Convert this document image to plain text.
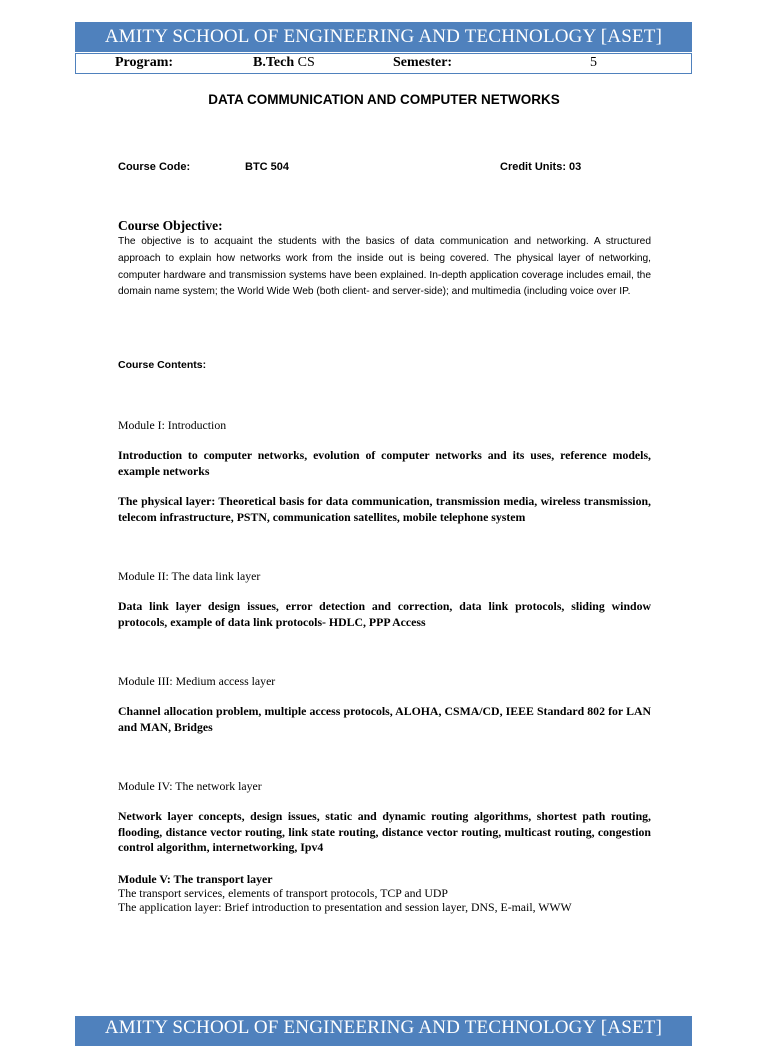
AMITY SCHOOL OF ENGINEERING AND TECHNOLOGY [ASET]
Program:	B.Tech CS	Semester:	5
DATA COMMUNICATION AND COMPUTER NETWORKS
Course Code:	BTC 504	Credit Units: 03
Course Objective:

The objective is to acquaint the students with the basics of data communication and networking. A structured approach to explain how networks work from the inside out is being covered. The physical layer of networking, computer hardware and transmission systems have been explained. In-depth application coverage includes email, the domain name system; the World Wide Web (both client- and server-side); and multimedia (including voice over IP.

Course Contents:
Module I: Introduction

Introduction to computer networks, evolution of computer networks and its uses, reference models, example networks

The physical layer: Theoretical basis for data communication, transmission media, wireless transmission, telecom infrastructure, PSTN, communication satellites, mobile telephone system

Module II: The data link layer

Data link layer design issues, error detection and correction, data link protocols, sliding window protocols, example of data link protocols- HDLC, PPP Access

Module III: Medium access layer

Channel allocation problem, multiple access protocols, ALOHA, CSMA/CD, IEEE Standard 802 for LAN and MAN, Bridges

Module IV: The network layer

Network layer concepts, design issues, static and dynamic routing algorithms, shortest path routing, flooding, distance vector routing, link state routing, distance vector routing, multicast routing, congestion control algorithm, internetworking, Ipv4

Module V: The transport layer
The transport services, elements of transport protocols, TCP and UDP
The application layer: Brief introduction to presentation and session layer, DNS, E-mail, WWW
AMITY SCHOOL OF ENGINEERING AND TECHNOLOGY [ASET]
